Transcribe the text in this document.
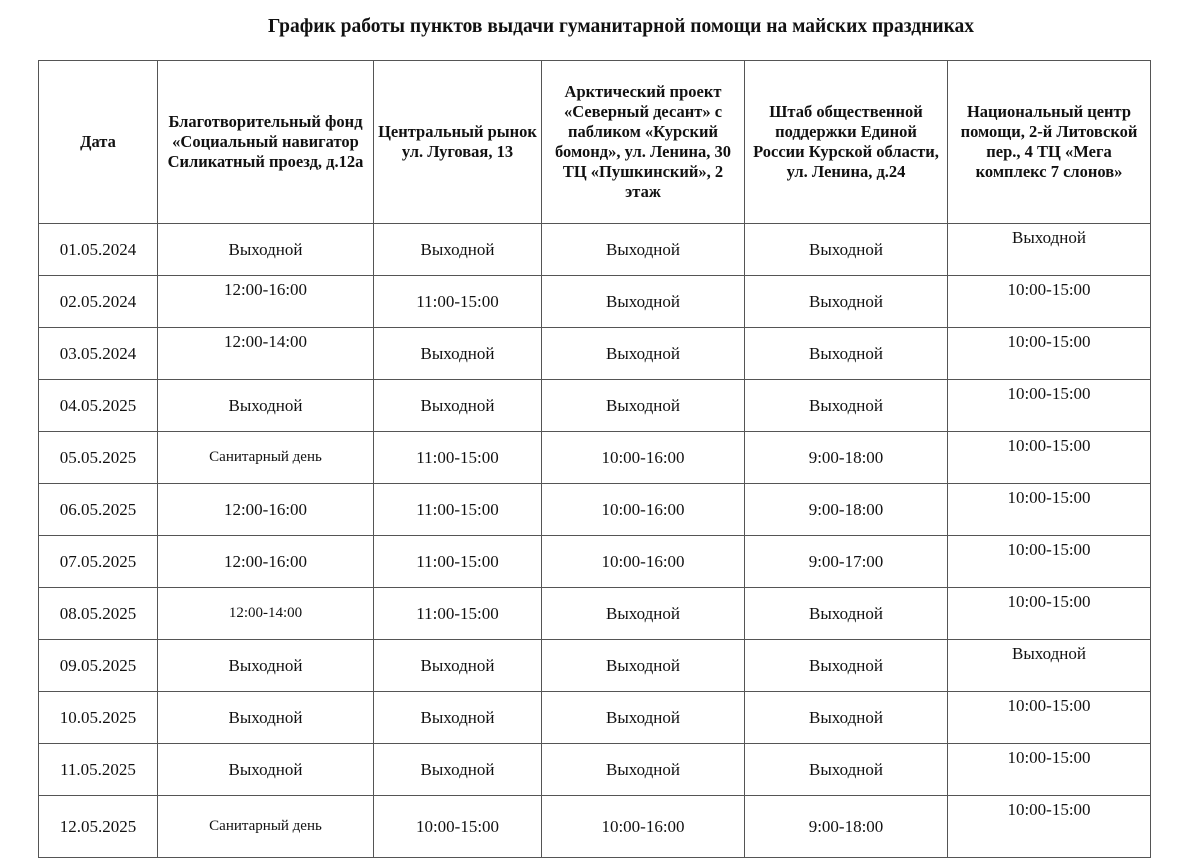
График работы пунктов выдачи гуманитарной помощи на майских праздниках
Дата	Благотворительный фонд «Социальный навигатор Силикатный проезд, д.12а	Центральный рынок ул. Луговая, 13	Арктический проект «Северный десант» с пабликом «Курский бомонд», ул. Ленина, 30 ТЦ «Пушкинский», 2 этаж	Штаб общественной поддержки Единой России Курской области, ул. Ленина, д.24	Национальный центр помощи, 2-й Литовской пер., 4 ТЦ «Мега комплекс 7 слонов»
01.05.2024	Выходной	Выходной	Выходной	Выходной	Выходной
02.05.2024	12:00-16:00	11:00-15:00	Выходной	Выходной	10:00-15:00
03.05.2024	12:00-14:00	Выходной	Выходной	Выходной	10:00-15:00
04.05.2025	Выходной	Выходной	Выходной	Выходной	10:00-15:00
05.05.2025	Санитарный день	11:00-15:00	10:00-16:00	9:00-18:00	10:00-15:00
06.05.2025	12:00-16:00	11:00-15:00	10:00-16:00	9:00-18:00	10:00-15:00
07.05.2025	12:00-16:00	11:00-15:00	10:00-16:00	9:00-17:00	10:00-15:00
08.05.2025	12:00-14:00	11:00-15:00	Выходной	Выходной	10:00-15:00
09.05.2025	Выходной	Выходной	Выходной	Выходной	Выходной
10.05.2025	Выходной	Выходной	Выходной	Выходной	10:00-15:00
11.05.2025	Выходной	Выходной	Выходной	Выходной	10:00-15:00
12.05.2025	Санитарный день	10:00-15:00	10:00-16:00	9:00-18:00	10:00-15:00
